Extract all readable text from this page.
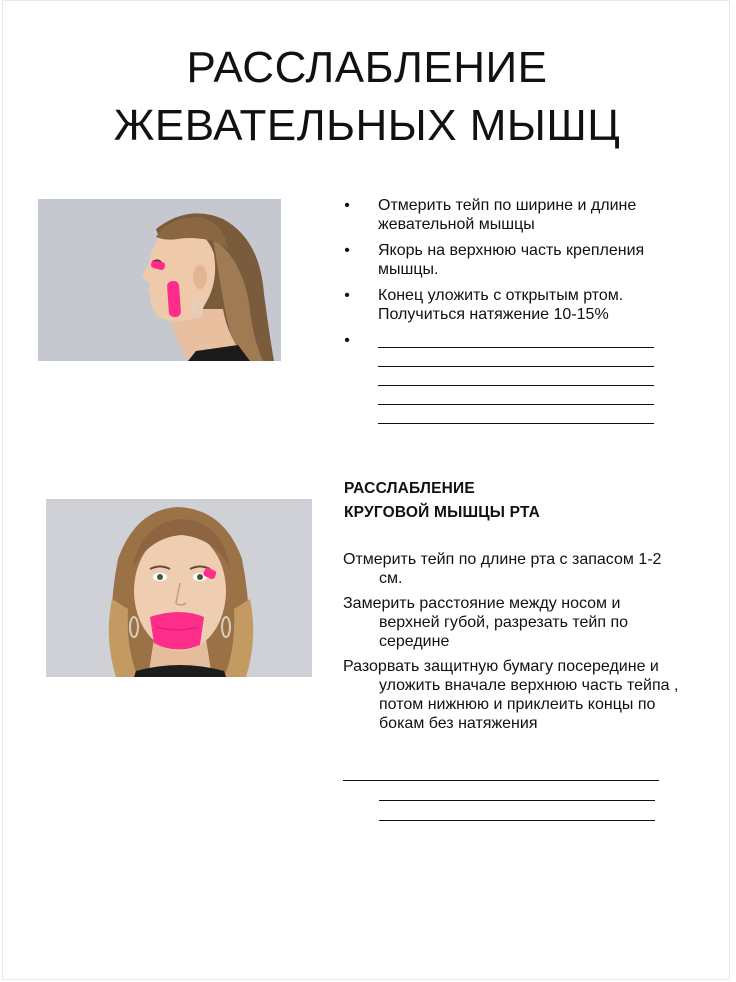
РАССЛАБЛЕНИЕ
ЖЕВАТЕЛЬНЫХ МЫШЦ
• Отмерить тейп по ширине и длине жевательной мышцы
• Якорь на верхнюю часть крепления мышцы.
• Конец уложить с открытым ртом. Получиться натяжение 10-15%
•
РАССЛАБЛЕНИЕ
КРУГОВОЙ МЫШЦЫ РТА
Отмерить тейп по длине рта с запасом 1-2 см.
Замерить расстояние между носом и верхней губой, разрезать тейп по середине
Разорвать защитную бумагу посередине и уложить вначале верхнюю часть тейпа , потом нижнюю и приклеить концы по бокам без натяжения
